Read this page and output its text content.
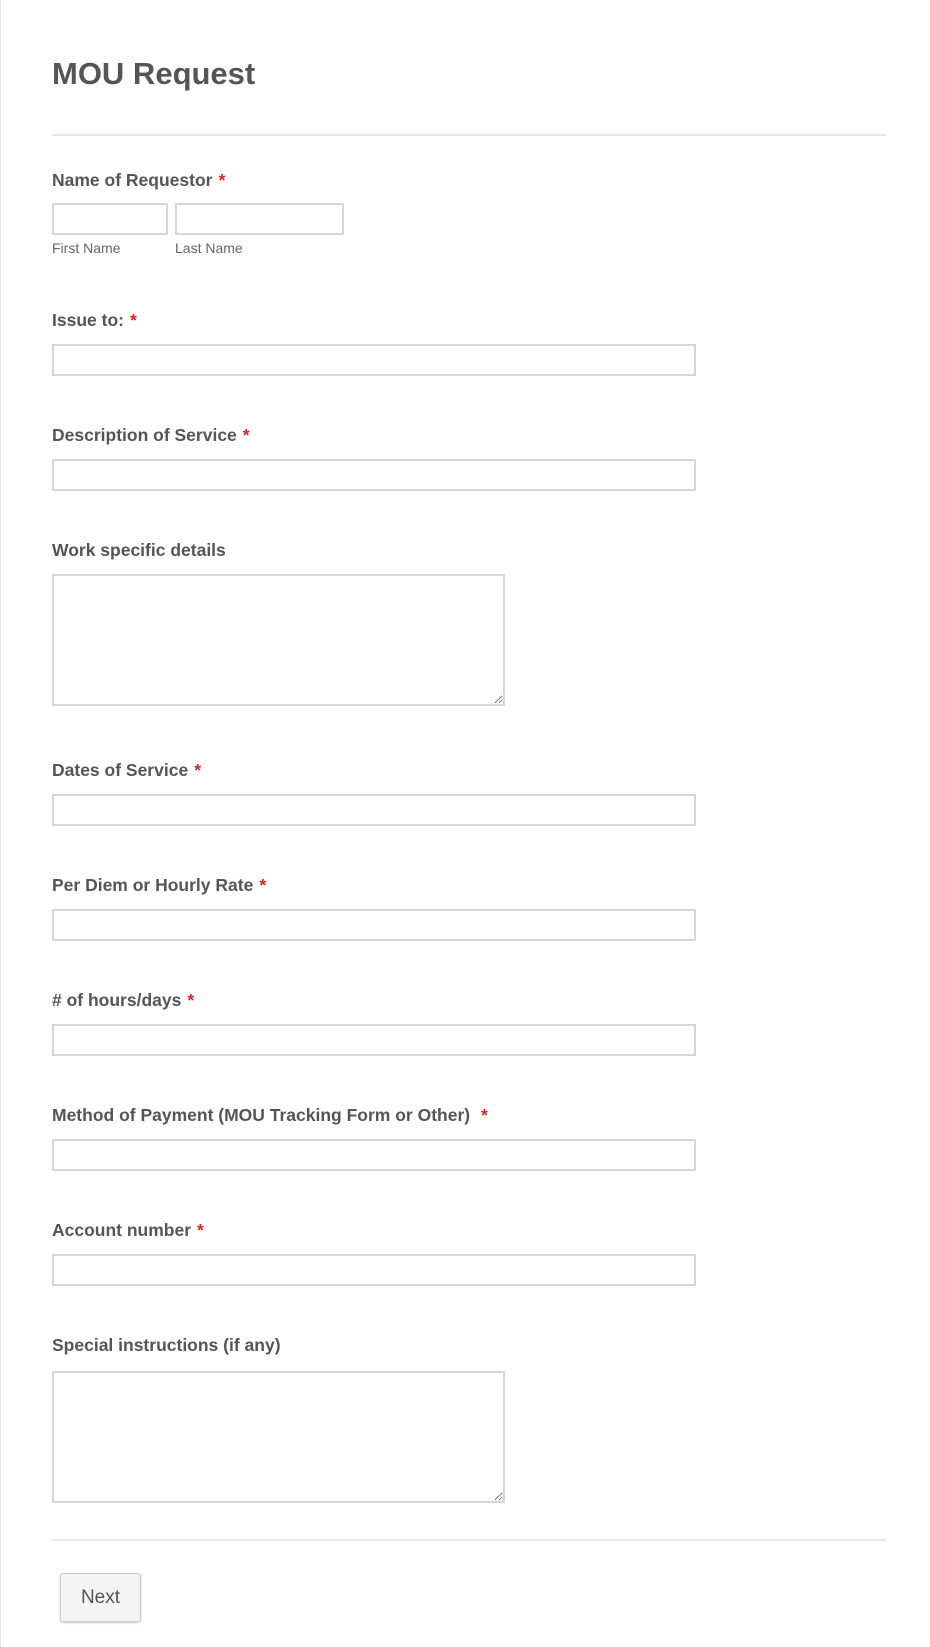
MOU Request
Name of Requestor *
First Name	Last Name
Issue to: *
Description of Service *
Work specific details
Dates of Service *
Per Diem or Hourly Rate *
# of hours/days *
Method of Payment (MOU Tracking Form or Other) *
Account number *
Special instructions (if any)
Next
